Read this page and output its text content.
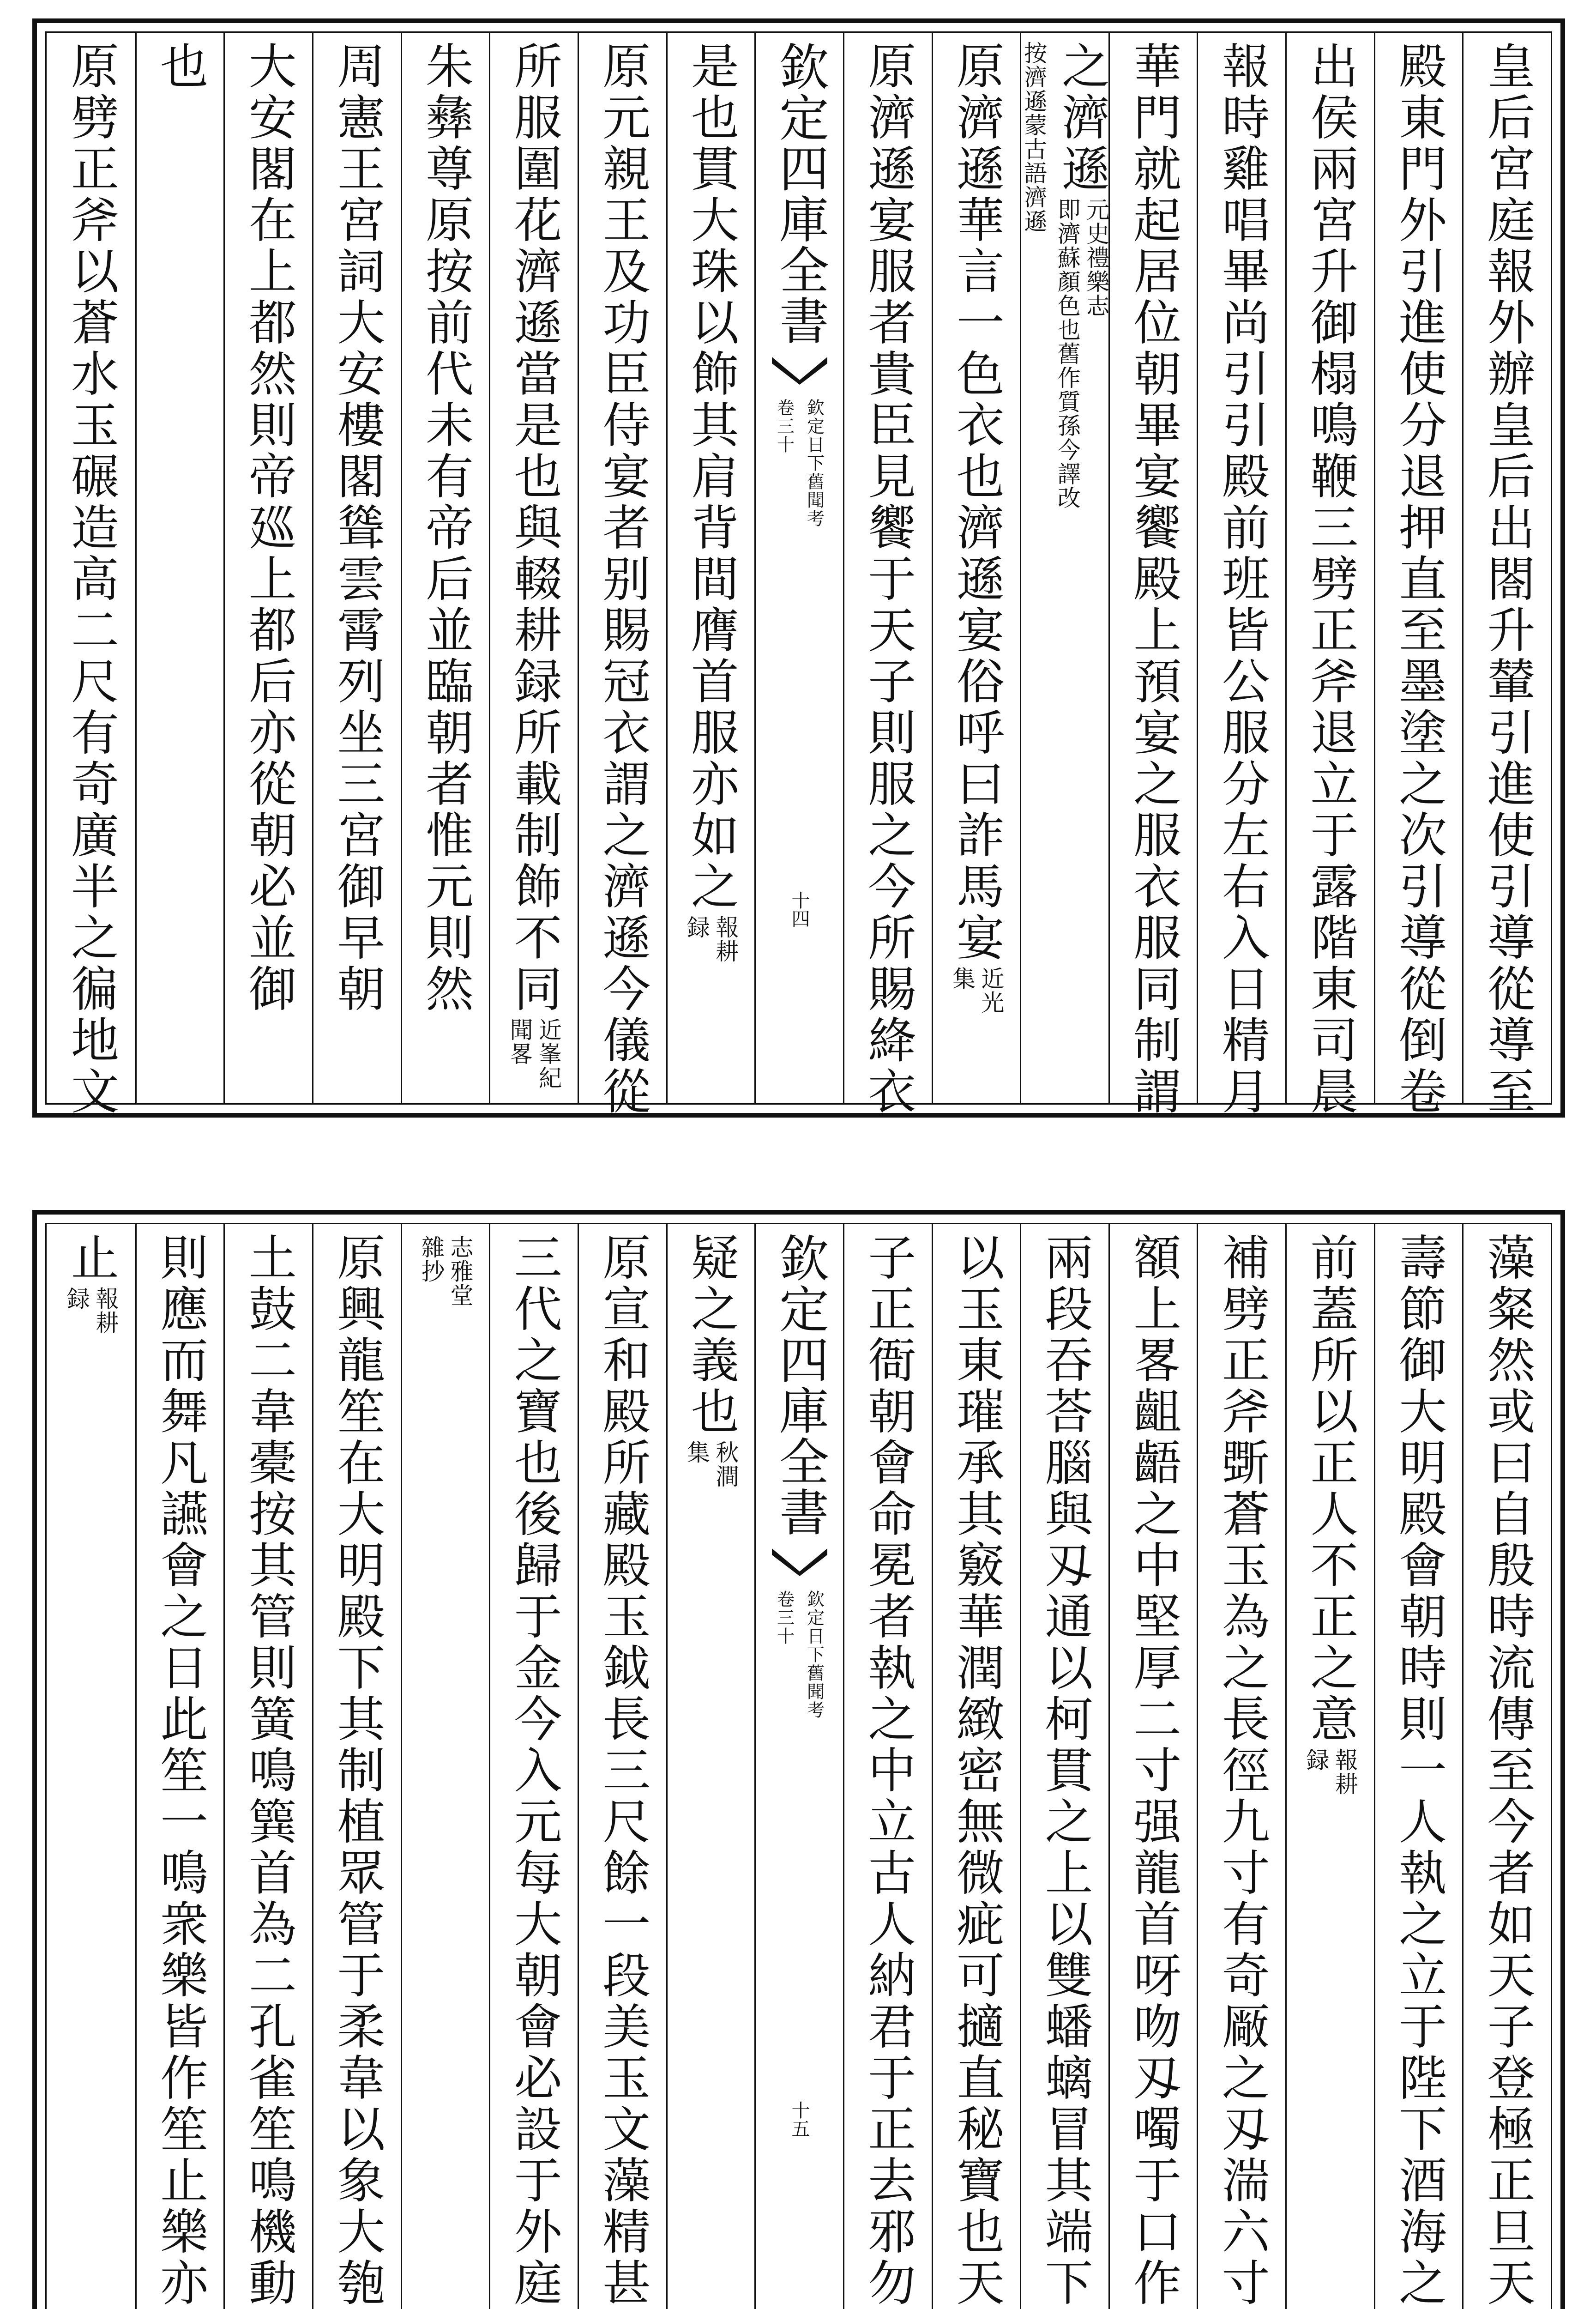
皇后宮庭報外辦皇后出閤升輦引進使引導從導至
殿東門外引進使分退押直至墨塗之次引導從倒卷
出侯兩宮升御榻鳴鞭三劈正斧退立于露階東司晨
報時雞唱畢尚引引殿前班皆公服分左右入日精月
華門就起居位朝畢宴饗殿上預宴之服衣服同制謂
之濟遜
元史禮樂志
即濟蘇顏色也舊作質孫今譯改
按濟遜蒙古語濟遜
原濟遜華言一色衣也濟遜宴俗呼曰詐馬宴
近光
集
原濟遜宴服者貴臣見饗于天子則服之今所賜絳衣
欽定四庫全書
欽定日下舊聞考
卷三十
十四
是也貫大珠以飾其肩背間膺首服亦如之
報耕
録
原元親王及功臣侍宴者别賜冠衣謂之濟遜今儀從
所服圍花濟遜當是也與輟耕録所載制飾不同
近峯紀
聞畧
朱彝尊原按前代未有帝后並臨朝者惟元則然
周憲王宮詞大安樓閣聳雲霄列坐三宮御早朝
大安閣在上都然則帝廵上都后亦從朝必並御
也
原劈正斧以蒼水玉碾造高二尺有奇廣半之徧地文
藻粲然或曰自殷時流傳至今者如天子登極正旦天
壽節御大明殿會朝時則一人執之立于陛下酒海之
前蓋所以正人不正之意
報耕
録
補劈正斧斲蒼玉為之長徑九寸有奇厰之刄湍六寸
額上畧齟齬之中堅厚二寸强龍首呀吻刄噣于口作
兩段吞荅腦與刄通以柯貫之上以雙蟠螭冒其端下
以玉東璀承其竅華潤緻密無微疵可擿直秘寶也天
子正衙朝會命冕者執之中立古人納君于正去邪勿
欽定四庫全書
欽定日下舊聞考
卷三十
十五
疑之義也
秋澗
集
原宣和殿所藏殿玉鉞長三尺餘一段美玉文藻精甚
三代之寶也後歸于金今入元每大朝會必設于外庭
志雅堂
雜抄
原興龍笙在大明殿下其制植眾管于柔韋以象大匏
土鼓二韋橐按其管則簧鳴簨首為二孔雀笙鳴機動
則應而舞凡讌會之日此笙一鳴衆樂皆作笙止樂亦
止
報耕
録
